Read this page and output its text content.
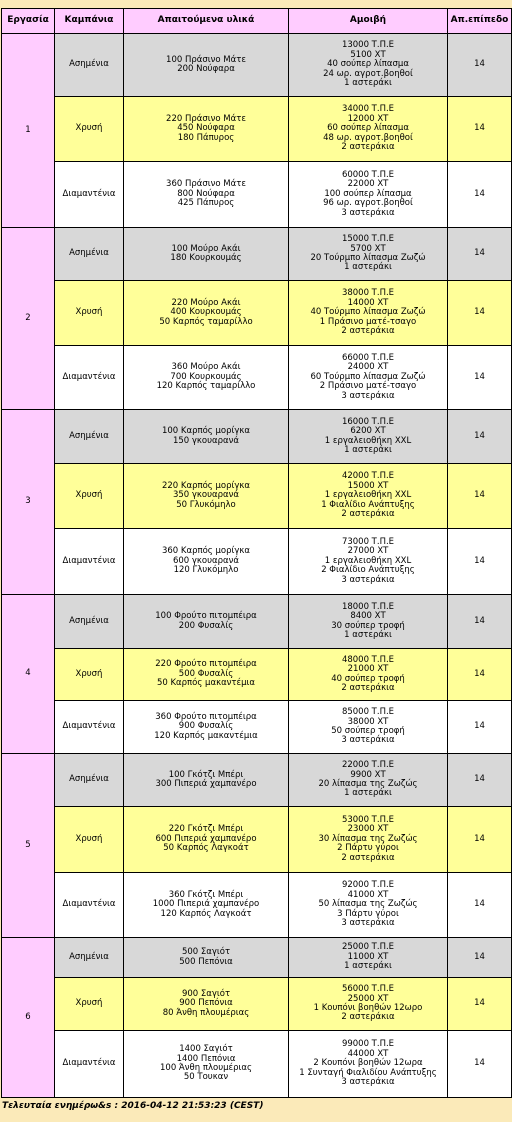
Εργασία	Καμπάνια	Απαιτούμενα υλικά	Αμοιβή	Απ.επίπεδο
1	Ασημένια	100 Πράσινο Μάτε
200 Νούφαρα	13000 Τ.Π.Ε
5100 ΧΤ
40 σούπερ λίπασμα
24 ωρ. αγροτ.βοηθοί
1 αστεράκι	14
	Χρυσή	220 Πράσινο Μάτε
450 Νούφαρα
180 Πάπυρος	34000 Τ.Π.Ε
12000 ΧΤ
60 σούπερ λίπασμα
48 ωρ. αγροτ.βοηθοί
2 αστεράκια	14
	Διαμαντένια	360 Πράσινο Μάτε
800 Νούφαρα
425 Πάπυρος	60000 Τ.Π.Ε
22000 ΧΤ
100 σούπερ λίπασμα
96 ωρ. αγροτ.βοηθοί
3 αστεράκια	14
2	Ασημένια	100 Μούρο Ακάι
180 Κουρκουμάς	15000 Τ.Π.Ε
5700 ΧΤ
20 Τούρμπο λίπασμα Ζωζώ
1 αστεράκι	14
	Χρυσή	220 Μούρο Ακάι
400 Κουρκουμάς
50 Καρπός ταμαρίλλο	38000 Τ.Π.Ε
14000 ΧΤ
40 Τούρμπο λίπασμα Ζωζώ
1 Πράσινο ματέ-τσαγο
2 αστεράκια	14
	Διαμαντένια	360 Μούρο Ακάι
700 Κουρκουμάς
120 Καρπός ταμαρίλλο	66000 Τ.Π.Ε
24000 ΧΤ
60 Τούρμπο λίπασμα Ζωζώ
2 Πράσινο ματέ-τσαγο
3 αστεράκια	14
3	Ασημένια	100 Καρπός μορίγκα
150 γκουαρανά	16000 Τ.Π.Ε
6200 ΧΤ
1 εργαλειοθήκη XXL
1 αστεράκι	14
	Χρυσή	220 Καρπός μορίγκα
350 γκουαρανά
50 Γλυκόμηλο	42000 Τ.Π.Ε
15000 ΧΤ
1 εργαλειοθήκη XXL
1 Φιαλίδιο Ανάπτυξης
2 αστεράκια	14
	Διαμαντένια	360 Καρπός μορίγκα
600 γκουαρανά
120 Γλυκόμηλο	73000 Τ.Π.Ε
27000 ΧΤ
1 εργαλειοθήκη XXL
2 Φιαλίδιο Ανάπτυξης
3 αστεράκια	14
4	Ασημένια	100 Φρούτο πιτομπέιρα
200 Φυσαλίς	18000 Τ.Π.Ε
8400 ΧΤ
30 σούπερ τροφή
1 αστεράκι	14
	Χρυσή	220 Φρούτο πιτομπέιρα
500 Φυσαλίς
50 Καρπός μακαντέμια	48000 Τ.Π.Ε
21000 ΧΤ
40 σούπερ τροφή
2 αστεράκια	14
	Διαμαντένια	360 Φρούτο πιτομπέιρα
900 Φυσαλίς
120 Καρπός μακαντέμια	85000 Τ.Π.Ε
38000 ΧΤ
50 σούπερ τροφή
3 αστεράκια	14
5	Ασημένια	100 Γκότζι Μπέρι
300 Πιπεριά χαμπανέρο	22000 Τ.Π.Ε
9900 ΧΤ
20 λίπασμα της Ζωζώς
1 αστεράκι	14
	Χρυσή	220 Γκότζι Μπέρι
600 Πιπεριά χαμπανέρο
50 Καρπός Λαγκοάτ	53000 Τ.Π.Ε
23000 ΧΤ
30 λίπασμα της Ζωζώς
2 Πάρτυ γύροι
2 αστεράκια	14
	Διαμαντένια	360 Γκότζι Μπέρι
1000 Πιπεριά χαμπανέρο
120 Καρπός Λαγκοάτ	92000 Τ.Π.Ε
41000 ΧΤ
50 λίπασμα της Ζωζώς
3 Πάρτυ γύροι
3 αστεράκια	14
6	Ασημένια	500 Σαγιότ
500 Πεπόνια	25000 Τ.Π.Ε
11000 ΧΤ
1 αστεράκι	14
	Χρυσή	900 Σαγιότ
900 Πεπόνια
80 Άνθη πλουμέριας	56000 Τ.Π.Ε
25000 ΧΤ
1 Κουπόνι βοηθών 12ωρο
2 αστεράκια	14
	Διαμαντένια	1400 Σαγιότ
1400 Πεπόνια
100 Άνθη πλουμέριας
50 Τουκαν	99000 Τ.Π.Ε
44000 ΧΤ
2 Κουπόνι βοηθών 12ωρα
1 Συνταγή Φιαλιδίου Ανάπτυξης
3 αστεράκια	14
Τελευταία ενημέρω&s : 2016-04-12 21:53:23 (CEST)
